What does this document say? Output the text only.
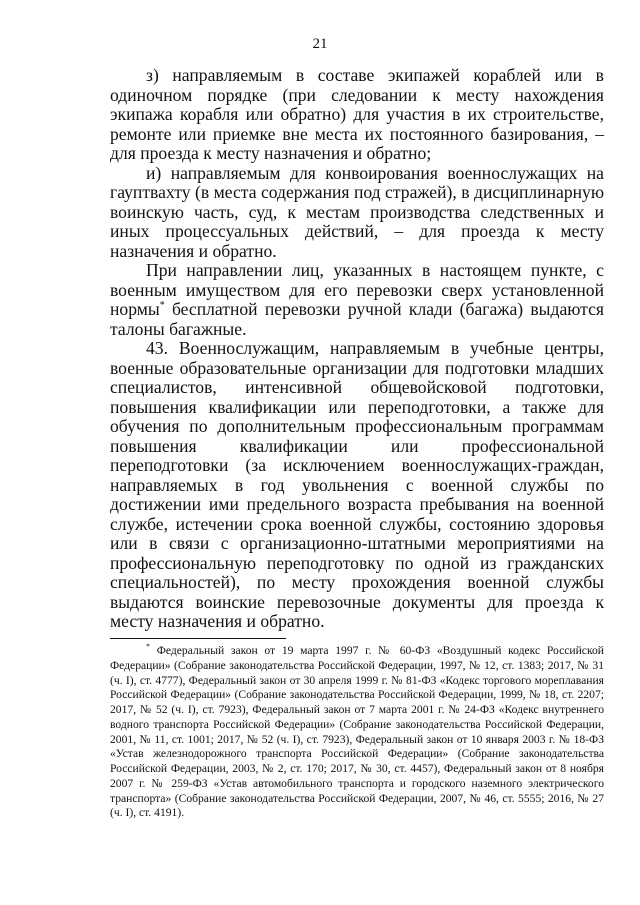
21

з) направляемым в составе экипажей кораблей или в одиночном порядке (при следовании к месту нахождения экипажа корабля или обратно) для участия в их строительстве, ремонте или приемке вне места их постоянного базирования, – для проезда к месту назначения и обратно;

и) направляемым для конвоирования военнослужащих на гауптвахту (в места содержания под стражей), в дисциплинарную воинскую часть, суд, к местам производства следственных и иных процессуальных действий, – для проезда к месту назначения и обратно.

При направлении лиц, указанных в настоящем пункте, с военным имуществом для его перевозки сверх установленной нормы* бесплатной перевозки ручной клади (багажа) выдаются талоны багажные.

43. Военнослужащим, направляемым в учебные центры, военные образовательные организации для подготовки младших специалистов, интенсивной общевойсковой подготовки, повышения квалификации или переподготовки, а также для обучения по дополнительным профессиональным программам повышения квалификации или профессиональной переподготовки (за исключением военнослужащих-граждан, направляемых в год увольнения с военной службы по достижении ими предельного возраста пребывания на военной службе, истечении срока военной службы, состоянию здоровья или в связи с организационно-штатными мероприятиями на профессиональную переподготовку по одной из гражданских специальностей), по месту прохождения военной службы выдаются воинские перевозочные документы для проезда к месту назначения и обратно.

* Федеральный закон от 19 марта 1997 г. № 60-ФЗ «Воздушный кодекс Российской Федерации» (Собрание законодательства Российской Федерации, 1997, № 12, ст. 1383; 2017, № 31 (ч. I), ст. 4777), Федеральный закон от 30 апреля 1999 г. № 81-ФЗ «Кодекс торгового мореплавания Российской Федерации» (Собрание законодательства Российской Федерации, 1999, № 18, ст. 2207; 2017, № 52 (ч. I), ст. 7923), Федеральный закон от 7 марта 2001 г. № 24-ФЗ «Кодекс внутреннего водного транспорта Российской Федерации» (Собрание законодательства Российской Федерации, 2001, № 11, ст. 1001; 2017, № 52 (ч. I), ст. 7923), Федеральный закон от 10 января 2003 г. № 18-ФЗ «Устав железнодорожного транспорта Российской Федерации» (Собрание законодательства Российской Федерации, 2003, № 2, ст. 170; 2017, № 30, ст. 4457), Федеральный закон от 8 ноября 2007 г. № 259-ФЗ «Устав автомобильного транспорта и городского наземного электрического транспорта» (Собрание законодательства Российской Федерации, 2007, № 46, ст. 5555; 2016, № 27 (ч. I), ст. 4191).
